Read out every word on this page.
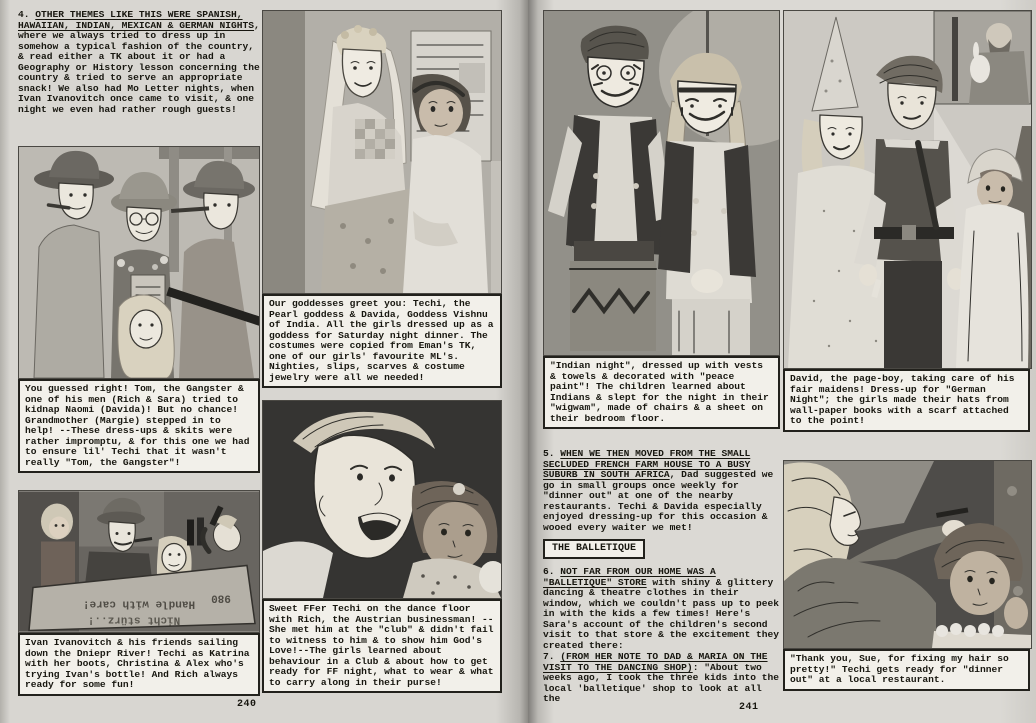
4. OTHER THEMES LIKE THIS WERE SPANISH, HAWAIIAN, INDIAN, MEXICAN & GERMAN NIGHTS, where we always tried to dress up in somehow a typical fashion of the country, & read either a TK about it or had a Geography or History lesson concerning the country & tried to serve an appropriate snack! We also had Mo Letter nights, when Ivan Ivanovitch once came to visit, & one night we even had rather rough guests!
You guessed right! Tom, the Gangster & one of his men (Rich & Sara) tried to kidnap Naomi (Davida)! But no chance! Grandmother (Margie) stepped in to help! --These dress-ups & skits were rather impromptu, & for this one we had to ensure lil' Techi that it wasn't really "Tom, the Gangster"!
Handle with care! 980
Nicht stürz..!
Ivan Ivanovitch & his friends sailing down the Dniepr River! Techi as Katrina with her boots, Christina & Alex who's trying Ivan's bottle! And Rich always ready for some fun!
240
Our goddesses greet you: Techi, the Pearl goddess & Davida, Goddess Vishnu of India. All the girls dressed up as a goddess for Saturday night dinner. The costumes were copied from Eman's TK, one of our girls' favourite ML's. Nighties, slips, scarves & costume jewelry were all we needed!
Sweet FFer Techi on the dance floor with Rich, the Austrian businessman! --She met him at the "club" & didn't fail to witness to him & to show him God's Love!--The girls learned about behaviour in a Club & about how to get ready for FF night, what to wear & what to carry along in their purse!
"Indian night", dressed up with vests & towels & decorated with "peace paint"! The children learned about Indians & slept for the night in their "wigwam", made of chairs & a sheet on their bedroom floor.
5. WHEN WE THEN MOVED FROM THE SMALL SECLUDED FRENCH FARM HOUSE TO A BUSY SUBURB IN SOUTH AFRICA, Dad suggested we go in small groups once weekly for "dinner out" at one of the nearby restaurants. Techi & Davida especially enjoyed dressing-up for this occasion & wooed every waiter we met!
THE BALLETIQUE
6. NOT FAR FROM OUR HOME WAS A "BALLETIQUE" STORE with shiny & glittery dancing & theatre clothes in their window, which we couldn't pass up to peek in with the kids a few times! Here's Sara's account of the children's second visit to that store & the excitement they created there:
7. (FROM HER NOTE TO DAD & MARIA ON THE VISIT TO THE DANCING SHOP): "About two weeks ago, I took the three kids into the local 'balletique' shop to look at all the
241
David, the page-boy, taking care of his fair maidens! Dress-up for "German Night"; the girls made their hats from wall-paper books with a scarf attached to the point!
"Thank you, Sue, for fixing my hair so pretty!" Techi gets ready for "dinner out" at a local restaurant.
